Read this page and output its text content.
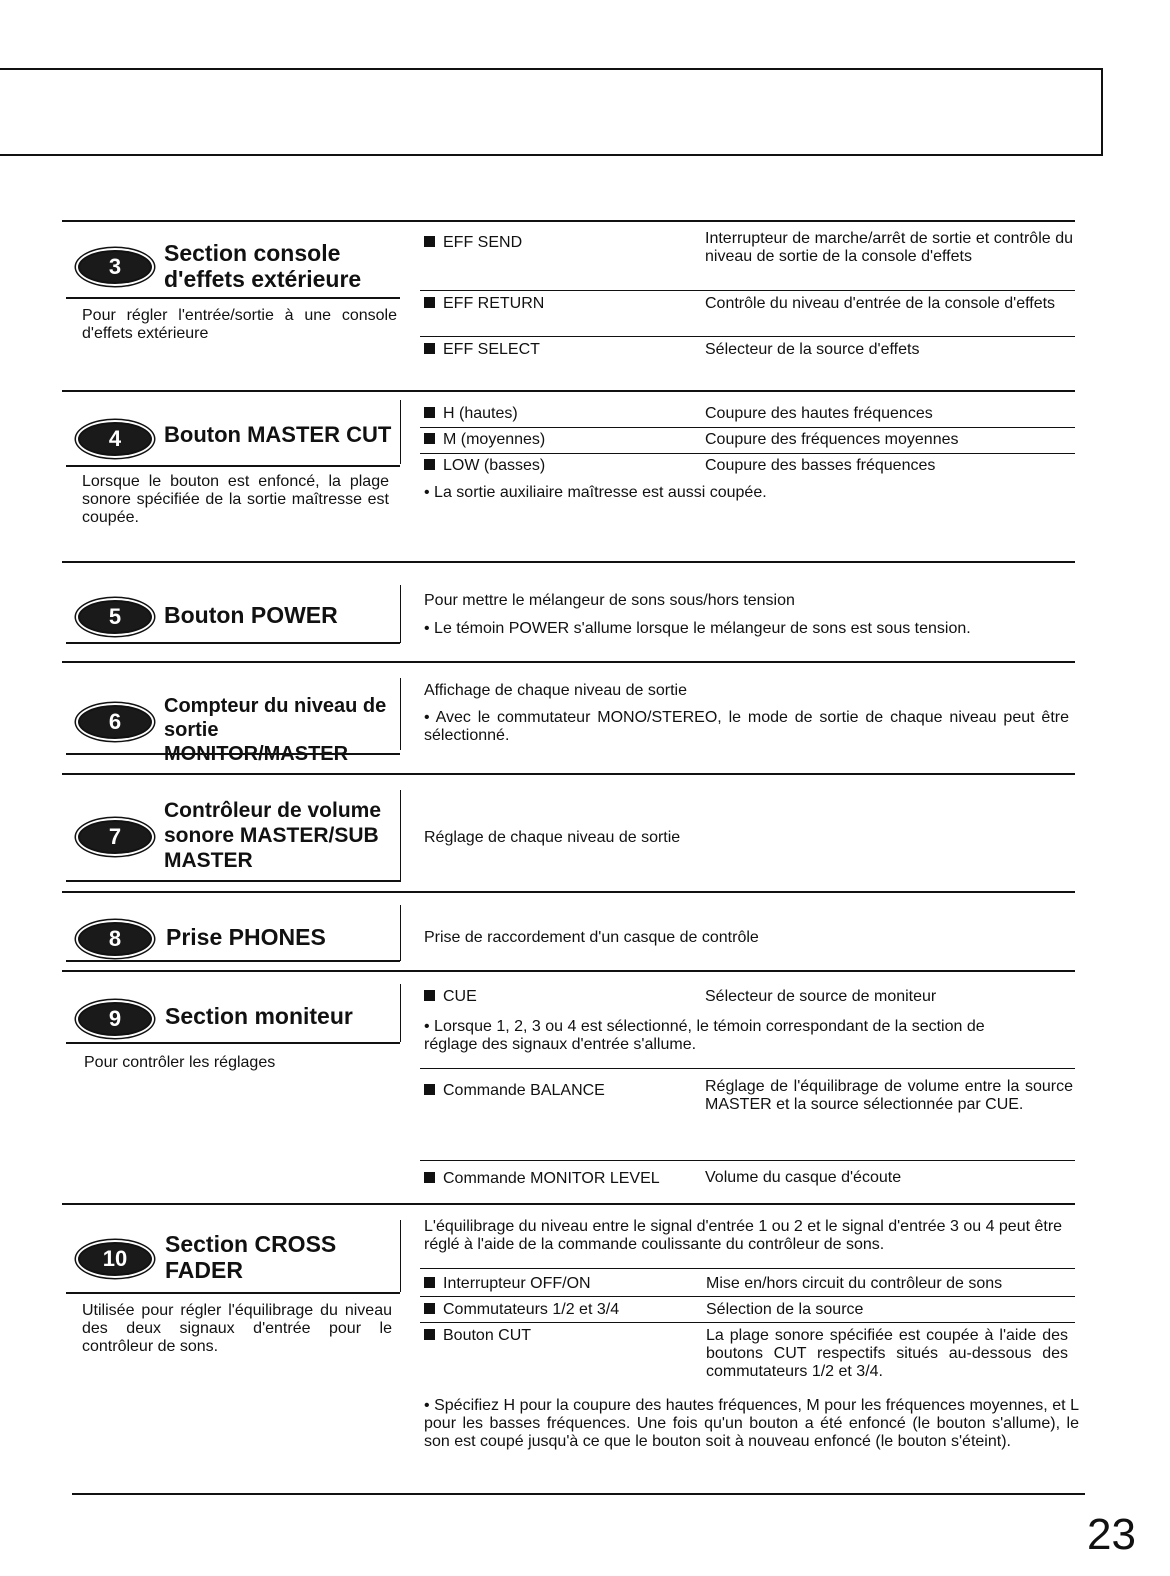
3
Section console d'effets extérieure
Pour régler l'entrée/sortie à une console d'effets extérieure
EFF SEND	Interrupteur de marche/arrêt de sortie et contrôle du niveau de sortie de la console d'effets
EFF RETURN	Contrôle du niveau d'entrée de la console d'effets
EFF SELECT	Sélecteur de la source d'effets
4	Bouton MASTER CUT
Lorsque le bouton est enfoncé, la plage sonore spécifiée de la sortie maîtresse est coupée.
H (hautes)	Coupure des hautes fréquences
M (moyennes)	Coupure des fréquences moyennes
LOW (basses)	Coupure des basses fréquences
• La sortie auxiliaire maîtresse est aussi coupée.
5	Bouton POWER
Pour mettre le mélangeur de sons sous/hors tension
• Le témoin POWER s'allume lorsque le mélangeur de sons est sous tension.
6
Compteur du niveau de
sortie MONITOR/MASTER
Affichage de chaque niveau de sortie
• Avec le commutateur MONO/STEREO, le mode de sortie de chaque niveau peut être sélectionné.
7
Contrôleur de volume
sonore MASTER/SUB
MASTER
Réglage de chaque niveau de sortie
8	Prise PHONES	Prise de raccordement d'un casque de contrôle
9	Section moniteur
Pour contrôler les réglages
CUE	Sélecteur de source de moniteur
• Lorsque 1, 2, 3 ou 4 est sélectionné, le témoin correspondant de la section de réglage des signaux d'entrée s'allume.
Commande BALANCE	Réglage de l'équilibrage de volume entre la source MASTER et la source sélectionnée par CUE.
Commande MONITOR LEVEL	Volume du casque d'écoute
10
Section CROSS
FADER
Utilisée pour régler l'équilibrage du niveau des deux signaux d'entrée pour le contrôleur de sons.
L'équilibrage du niveau entre le signal d'entrée 1 ou 2 et le signal d'entrée 3 ou 4 peut être réglé à l'aide de la commande coulissante du contrôleur de sons.
Interrupteur OFF/ON	Mise en/hors circuit du contrôleur de sons
Commutateurs 1/2 et 3/4	Sélection de la source
Bouton CUT	La plage sonore spécifiée est coupée à l'aide des boutons CUT respectifs situés au-dessous des commutateurs 1/2 et 3/4.
• Spécifiez H pour la coupure des hautes fréquences, M pour les fréquences moyennes, et L pour les basses fréquences. Une fois qu'un bouton a été enfoncé (le bouton s'allume), le son est coupé jusqu'à ce que le bouton soit à nouveau enfoncé (le bouton s'éteint).
23
